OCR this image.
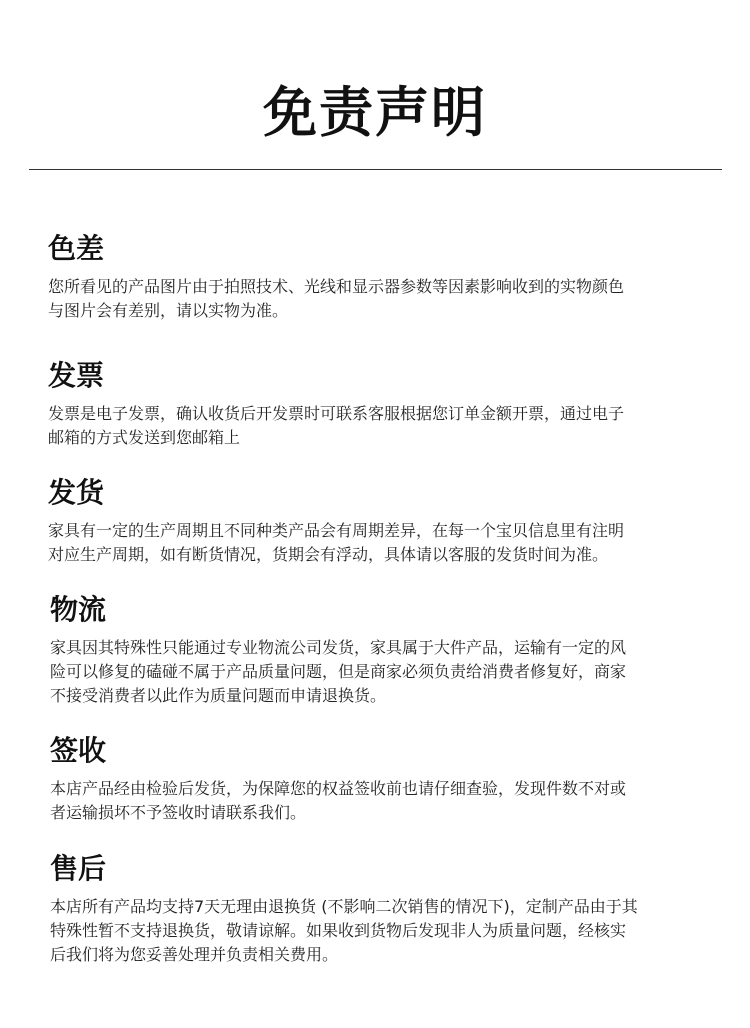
免责声明
色差

您所看见的产品图片由于拍照技术、光线和显示器参数等因素影响收到的实物颜色
与图片会有差别，请以实物为准。

发票

发票是电子发票，确认收货后开发票时可联系客服根据您订单金额开票，通过电子
邮箱的方式发送到您邮箱上

发货

家具有一定的生产周期且不同种类产品会有周期差异，在每一个宝贝信息里有注明
对应生产周期，如有断货情况，货期会有浮动，具体请以客服的发货时间为准。

物流

家具因其特殊性只能通过专业物流公司发货，家具属于大件产品，运输有一定的风
险可以修复的磕碰不属于产品质量问题，但是商家必须负责给消费者修复好，商家
不接受消费者以此作为质量问题而申请退换货。

签收

本店产品经由检验后发货，为保障您的权益签收前也请仔细查验，发现件数不对或
者运输损坏不予签收时请联系我们。

售后

本店所有产品均支持7天无理由退换货 (不影响二次销售的情况下)，定制产品由于其
特殊性暂不支持退换货，敬请谅解。如果收到货物后发现非人为质量问题，经核实
后我们将为您妥善处理并负责相关费用。
